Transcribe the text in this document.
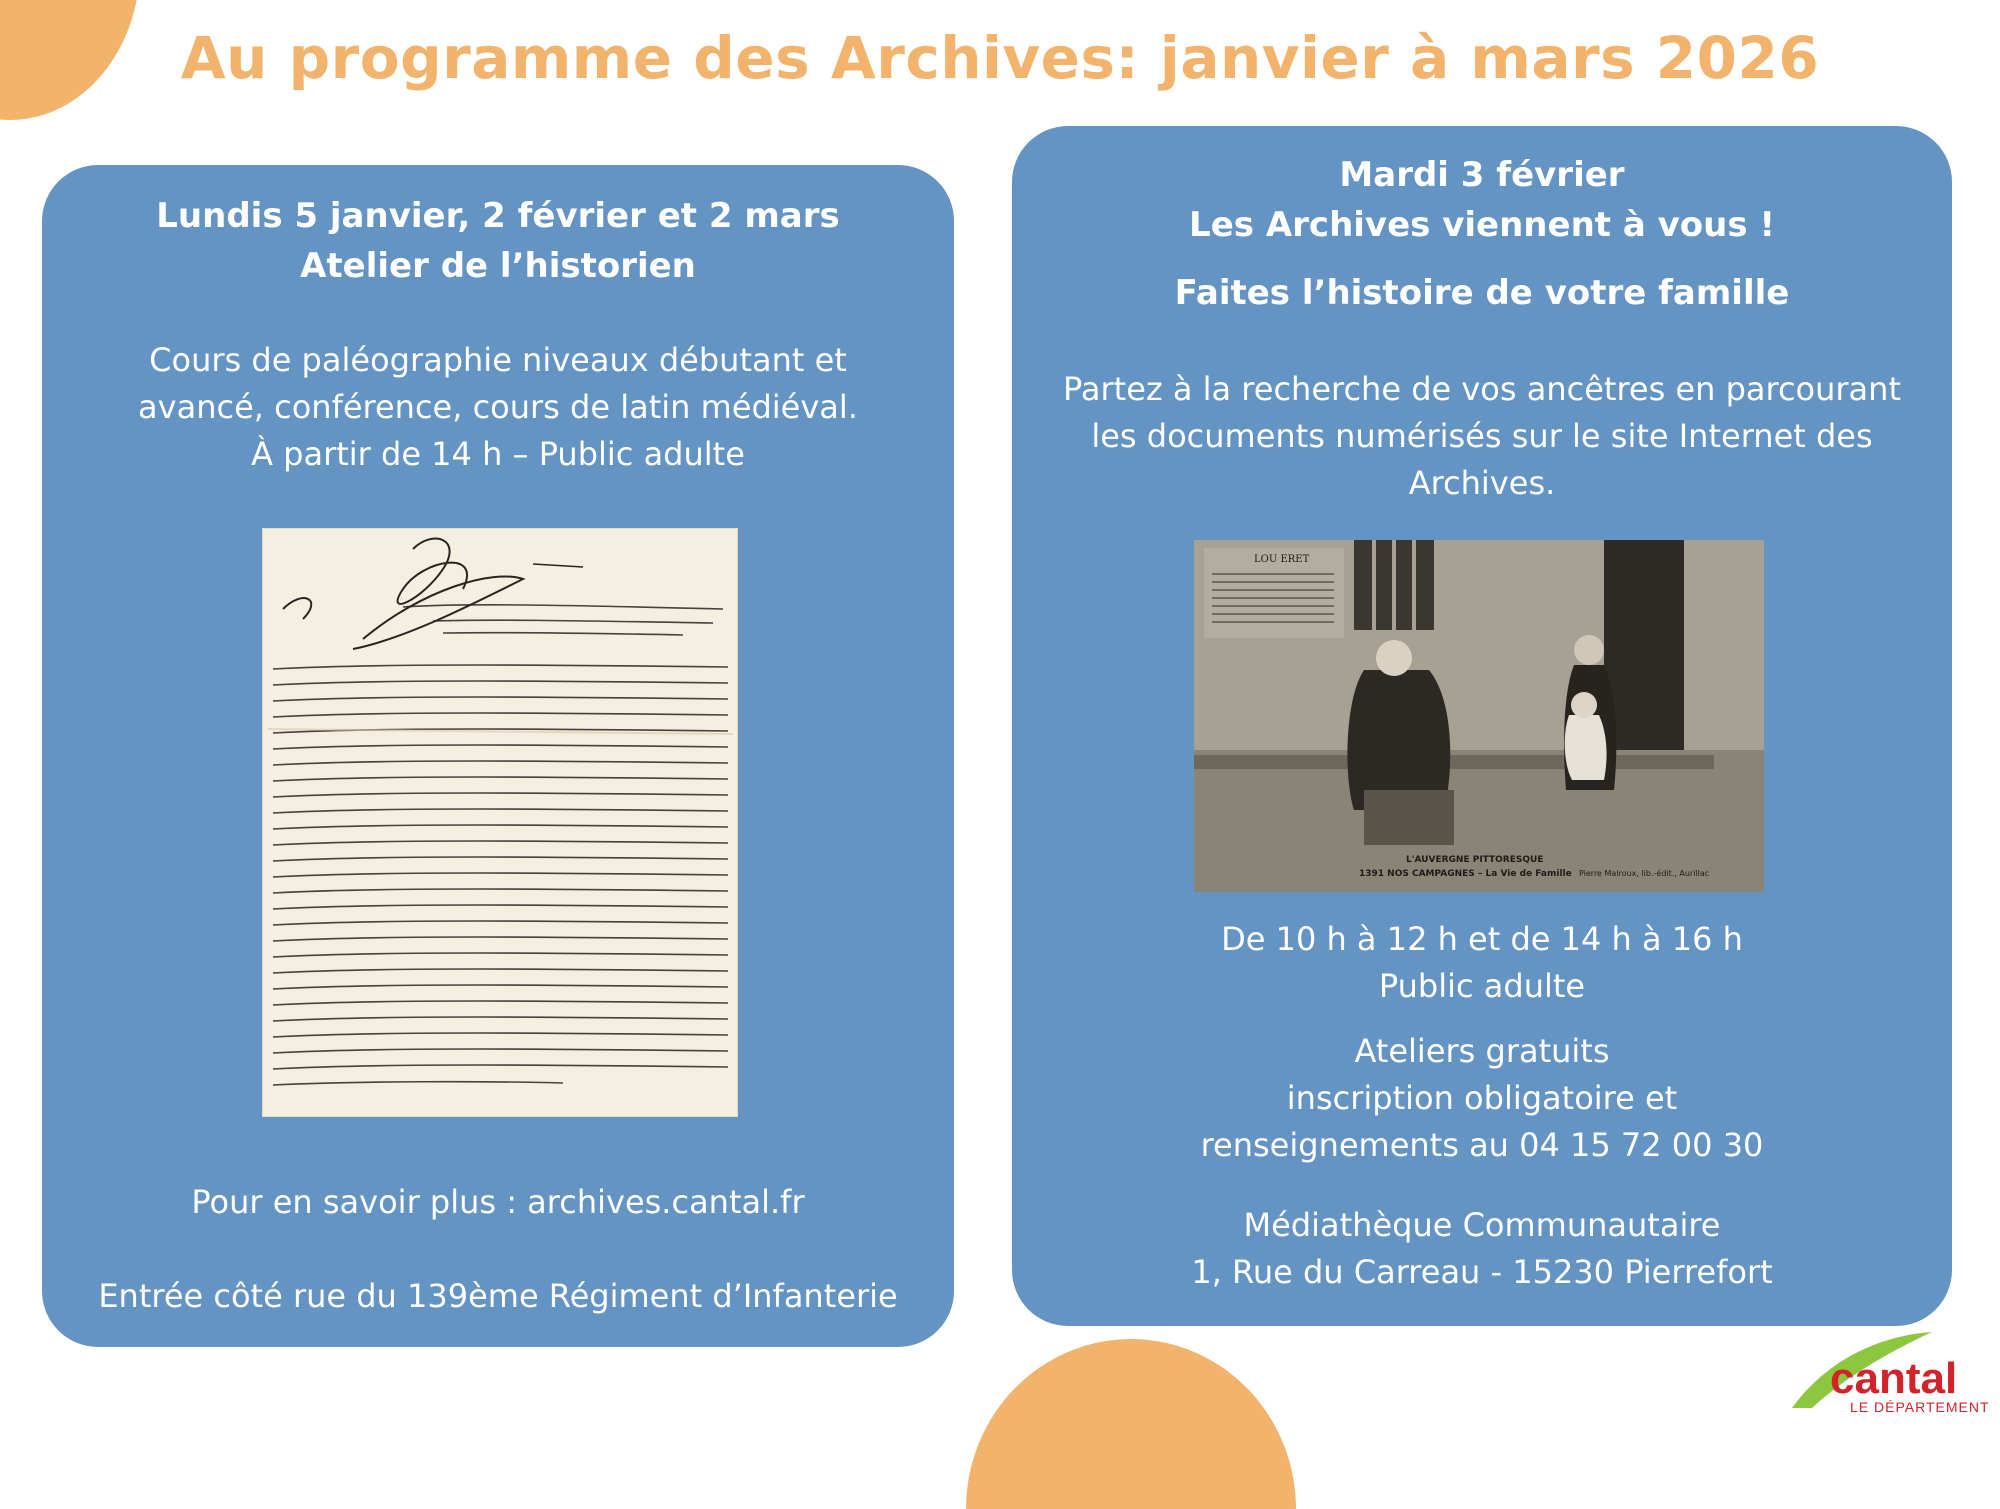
Au programme des Archives: janvier à mars 2026
Lundis 5 janvier, 2 février et 2 mars
Atelier de l’historien
Cours de paléographie niveaux débutant et
avancé, conférence, cours de latin médiéval.
À partir de 14 h – Public adulte
Pour en savoir plus : archives.cantal.fr
Entrée côté rue du 139ème Régiment d’Infanterie
Mardi 3 février
Les Archives viennent à vous !
Faites l’histoire de votre famille
Partez à la recherche de vos ancêtres en parcourant
les documents numérisés sur le site Internet des
Archives.
LOU ERET
L'AUVERGNE PITTORESQUE
1391 NOS CAMPAGNES – La Vie de Famille Pierre Malroux, lib.-édit., Aurillac
De 10 h à 12 h et de 14 h à 16 h
Public adulte
Ateliers gratuits
inscription obligatoire et
renseignements au 04 15 72 00 30
Médiathèque Communautaire
1, Rue du Carreau - 15230 Pierrefort
cantal
LE DÉPARTEMENT
